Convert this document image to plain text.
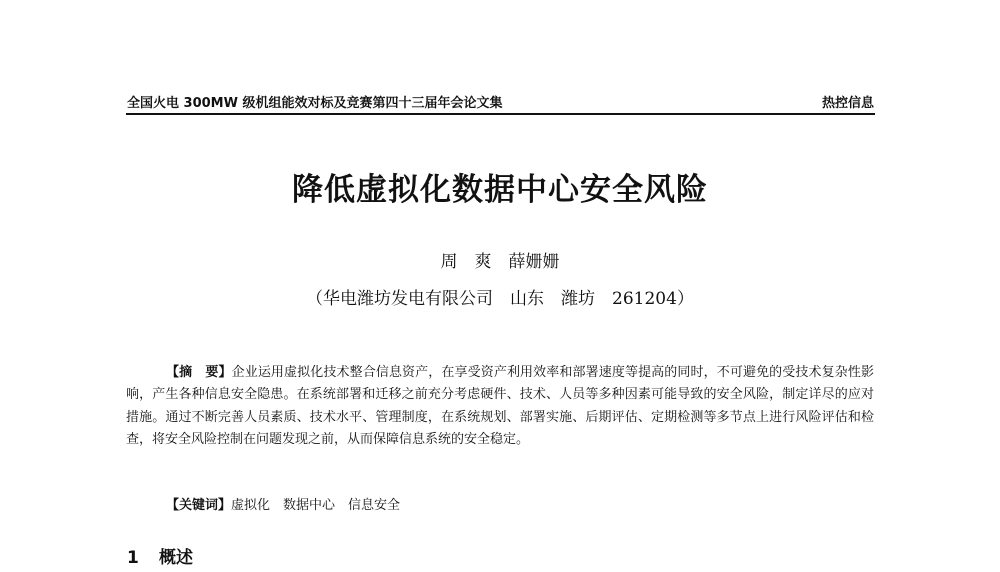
全国火电 300MW 级机组能效对标及竞赛第四十三届年会论文集	热控信息
降低虚拟化数据中心安全风险
周　爽　薛姗姗
（华电潍坊发电有限公司　山东　潍坊　261204）

【摘　要】企业运用虚拟化技术整合信息资产，在享受资产利用效率和部署速度等提高的同时，不可避免的受技术复杂性影响，产生各种信息安全隐患。在系统部署和迁移之前充分考虑硬件、技术、人员等多种因素可能导致的安全风险，制定详尽的应对措施。通过不断完善人员素质、技术水平、管理制度，在系统规划、部署实施、后期评估、定期检测等多节点上进行风险评估和检查，将安全风险控制在问题发现之前，从而保障信息系统的安全稳定。

【关键词】虚拟化　数据中心　信息安全
1 概述
